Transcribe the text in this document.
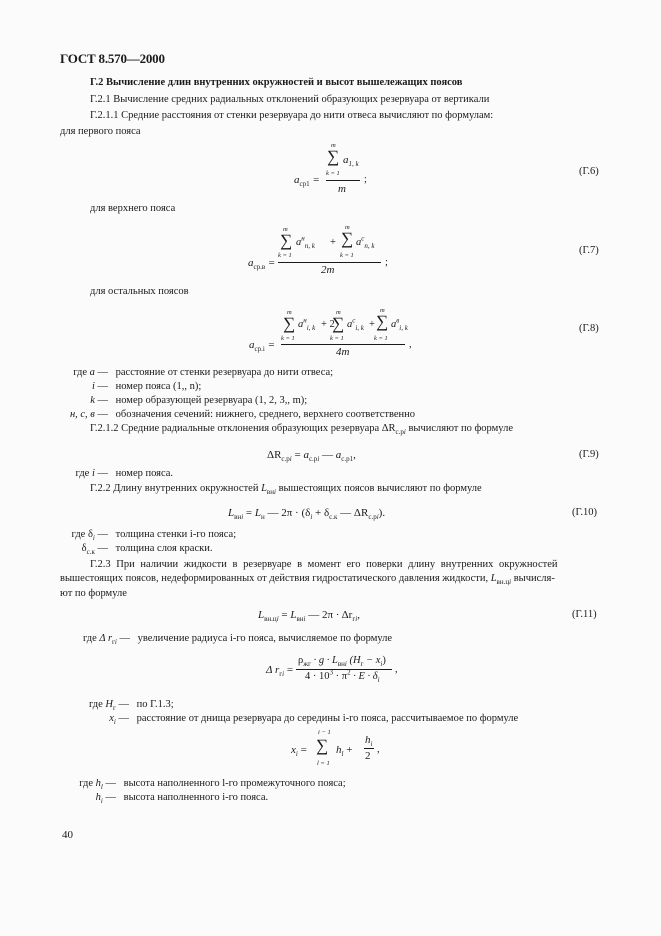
ГОСТ 8.570—2000
Г.2 Вычисление длин внутренних окружностей и высот вышележащих поясов
Г.2.1 Вычисление средних радиальных отклонений образующих резервуара от вертикали
Г.2.1.1 Средние расстояния от стенки резервуара до нити отвеса вычисляют по формулам:
для первого пояса
m
∑ $a_{1, k}$
k = 1
$a_{ср1}$ =	;
m
(Г.6)
для верхнего пояса
m
∑ $a^н_{n, k}$ +
m
∑ $a^с_{n, k}$
k = 1	k = 1
$a_{ср.в}$ =	;
2m
(Г.7)
для остальных поясов
m
∑ $a^н_{i, k} + 2$
m
∑ $a^с_{i, k}$ +
m
∑ $a^в_{i, k}$
k = 1	k = 1	k = 1
$a_{ср.i}$ =	,
4m
(Г.8)
где a — расстояние от стенки резервуара до нити отвеса;
i — номер пояса (1,, n);
k — номер образующей резервуара (1, 2, 3,, m);
н, с, в — обозначения сечений: нижнего, среднего, верхнего соответственно
Г.2.1.2 Средние радиальные отклонения образующих резервуара $\Delta R_{с.рi}$ вычисляют по формуле
$\Delta R_{с.рi} = a_{с.рi}$ — $a_{с.р1}$,	(Г.9)
где i — номер пояса.
Г.2.2 Длину внутренних окружностей $L_{внi}$ вышестоящих поясов вычисляют по формуле
$L_{внi} = L_н$ — $2\pi \cdot (\delta_i + \delta_{с.к}$ — $\Delta R_{с.рi}$).	(Г.10)
где $\delta_i$ — толщина стенки i-го пояса;
$\delta_{с.к}$ — толщина слоя краски.
Г.2.3 При наличии жидкости в резервуаре в момент его поверки длину внутренних окружностей
вышестоящих поясов, недеформированных от действия гидростатического давления жидкости, $L_{вн.цi}$ вычисля-
ют по формуле
$L_{вн.цi} = L_{внi}$ — $2\pi \cdot \Delta r_{гi}$,	(Г.11)
где Δ $r_{гi}$ — увеличение радиуса i-го пояса, вычисляемое по формуле
Δ $r_{гi}$ =
$\rho_{жг} \cdot g \cdot L_{внi}$ $(H_г - x_i)$
,
$4 \cdot 10^3 \cdot \pi^2 \cdot E \cdot \delta_i$
где $H_г$ — по Г.1.3;
$x_i$ — расстояние от днища резервуара до середины i-го пояса, рассчитываемое по формуле
i − 1
$x_i$ = ∑ $h_l$ +
$h_i$
2
,
l = 1
где $h_l$ — высота наполненного l-го промежуточного пояса;
$h_i$ — высота наполненного i-го пояса.
40
